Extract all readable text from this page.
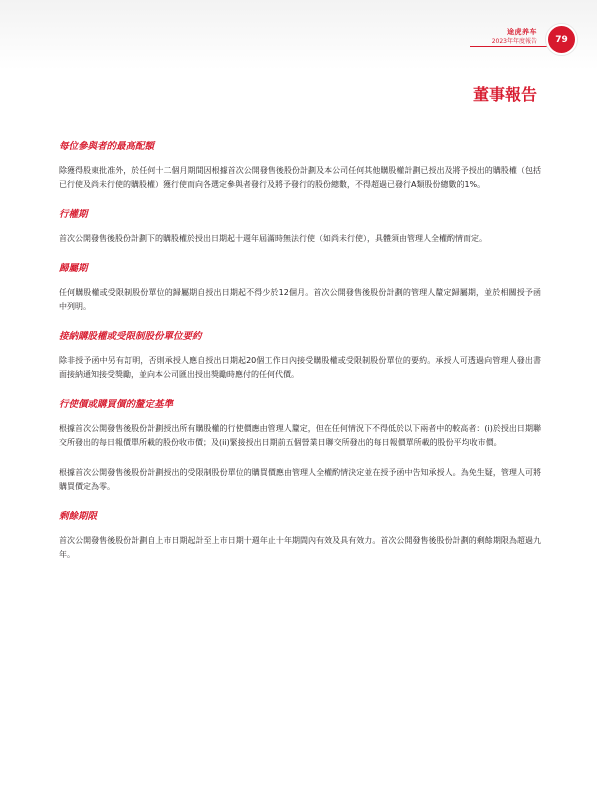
途虎养车
2023年年度報告	79
董事報告
每位參與者的最高配額

除獲得股東批准外，於任何十二個月期間因根據首次公開發售後股份計劃及本公司任何其他購股權計劃已授出及將予授出的購股權（包括已行使及尚未行使的購股權）獲行使而向各選定參與者發行及將予發行的股份總數，不得超過已發行A類股份總數的1%。

行權期

首次公開發售後股份計劃下的購股權於授出日期起十週年屆滿時無法行使（如尚未行使），具體須由管理人全權酌情而定。

歸屬期

任何購股權或受限制股份單位的歸屬期自授出日期起不得少於12個月。首次公開發售後股份計劃的管理人釐定歸屬期，並於相關授予函中列明。

接納購股權或受限制股份單位要約

除非授予函中另有訂明，否則承授人應自授出日期起20個工作日內接受購股權或受限制股份單位的要約。承授人可透過向管理人發出書面接納通知接受獎勵，並向本公司匯出授出獎勵時應付的任何代價。

行使價或購買價的釐定基準

根據首次公開發售後股份計劃授出所有購股權的行使價應由管理人釐定，但在任何情況下不得低於以下兩者中的較高者：(i)於授出日期聯交所發出的每日報價單所載的股份收市價；及(ii)緊接授出日期前五個營業日聯交所發出的每日報價單所載的股份平均收市價。

根據首次公開發售後股份計劃授出的受限制股份單位的購買價應由管理人全權酌情決定並在授予函中告知承授人。為免生疑，管理人可將購買價定為零。

剩餘期限

首次公開發售後股份計劃自上市日期起計至上市日期十週年止十年期間內有效及具有效力。首次公開發售後股份計劃的剩餘期限為超過九年。
